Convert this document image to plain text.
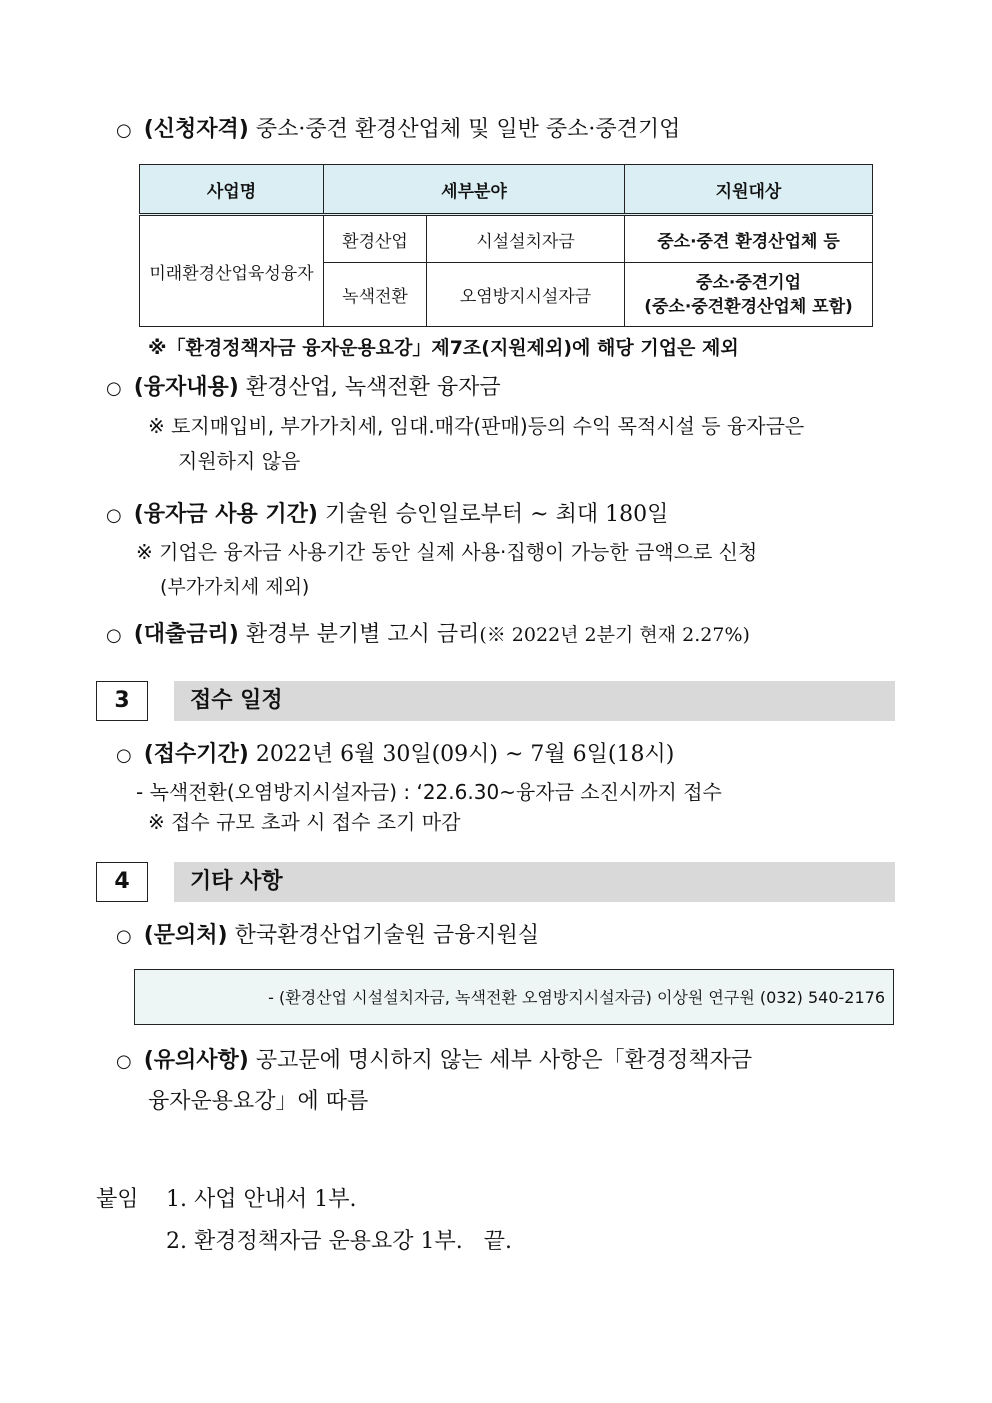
○ (신청자격) 중소·중견 환경산업체 및 일반 중소·중견기업
사업명	세부분야		지원대상
미래환경산업육성융자	환경산업	시설설치자금	중소·중견 환경산업체 등
	녹색전환	오염방지시설자금	중소·중견기업
(중소·중견환경산업체 포함)
※「환경정책자금 융자운용요강」제7조(지원제외)에 해당 기업은 제외
○ (융자내용) 환경산업, 녹색전환 융자금
※ 토지매입비, 부가가치세, 임대.매각(판매)등의 수익 목적시설 등 융자금은
지원하지 않음
○ (융자금 사용 기간) 기술원 승인일로부터 ~ 최대 180일
※ 기업은 융자금 사용기간 동안 실제 사용·집행이 가능한 금액으로 신청
(부가가치세 제외)
○ (대출금리) 환경부 분기별 고시 금리(※ 2022년 2분기 현재 2.27%)
3	접수 일정
○ (접수기간) 2022년 6월 30일(09시) ~ 7월 6일(18시)
- 녹색전환(오염방지시설자금) : ‘22.6.30~융자금 소진시까지 접수
※ 접수 규모 초과 시 접수 조기 마감
4	기타 사항
○ (문의처) 한국환경산업기술원 금융지원실
- (환경산업 시설설치자금, 녹색전환 오염방지시설자금) 이상원 연구원 (032) 540-2176
○ (유의사항) 공고문에 명시하지 않는 세부 사항은「환경정책자금
융자운용요강」에 따름
붙임 1. 사업 안내서 1부.
2. 환경정책자금 운용요강 1부. 끝.
